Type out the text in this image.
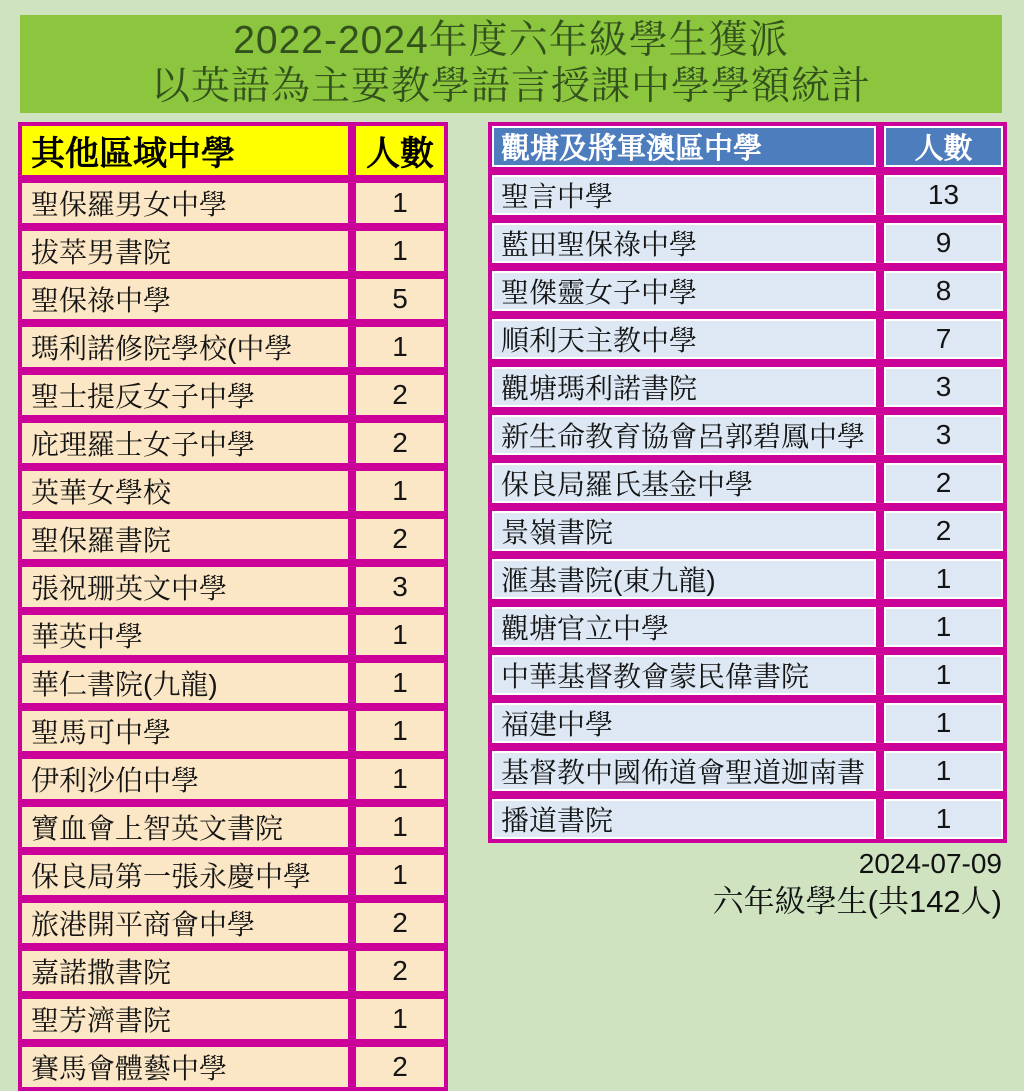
2022-2024年度六年級學生獲派
以英語為主要教學語言授課中學學額統計
其他區域中學	人數
聖保羅男女中學	1
拔萃男書院	1
聖保祿中學	5
瑪利諾修院學校(中學	1
聖士提反女子中學	2
庇理羅士女子中學	2
英華女學校	1
聖保羅書院	2
張祝珊英文中學	3
華英中學	1
華仁書院(九龍)	1
聖馬可中學	1
伊利沙伯中學	1
寶血會上智英文書院	1
保良局第一張永慶中學	1
旅港開平商會中學	2
嘉諾撒書院	2
聖芳濟書院	1
賽馬會體藝中學	2
觀塘及將軍澳區中學	人數
聖言中學	13
藍田聖保祿中學	9
聖傑靈女子中學	8
順利天主教中學	7
觀塘瑪利諾書院	3
新生命教育協會呂郭碧鳳中學	3
保良局羅氏基金中學	2
景嶺書院	2
滙基書院(東九龍)	1
觀塘官立中學	1
中華基督教會蒙民偉書院	1
福建中學	1
基督教中國佈道會聖道迦南書	1
播道書院	1
2024-07-09
六年級學生(共142人)
